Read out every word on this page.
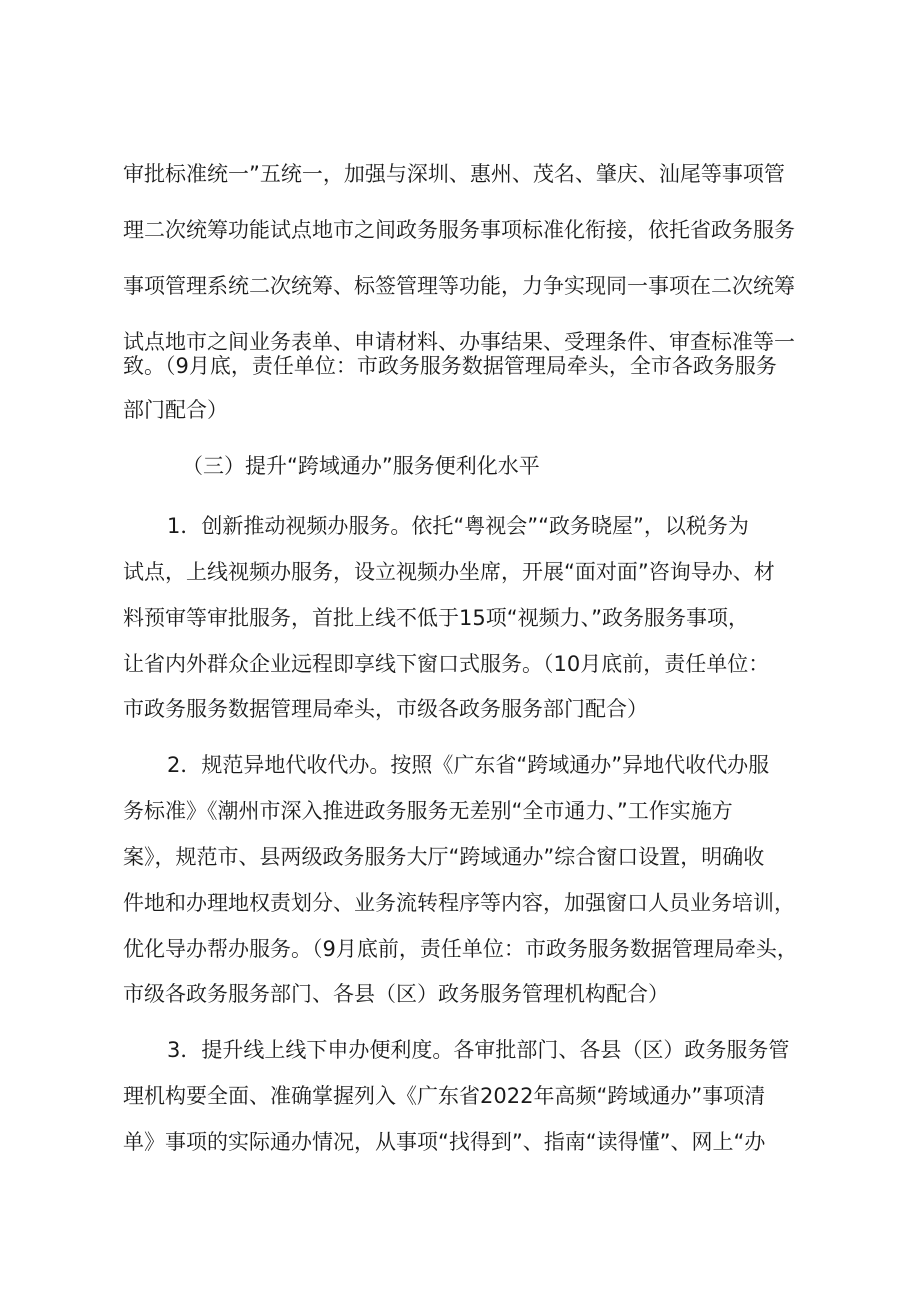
审批标准统一”五统一，加强与深圳、惠州、茂名、肇庆、汕尾等事项管
理二次统筹功能试点地市之间政务服务事项标准化衔接，依托省政务服务
事项管理系统二次统筹、标签管理等功能，力争实现同一事项在二次统筹
试点地市之间业务表单、申请材料、办事结果、受理条件、审查标准等一
致。（9月底，责任单位：市政务服务数据管理局牵头，全市各政务服务
部门配合）
（三）提升“跨域通办”服务便利化水平
1．创新推动视频办服务。依托“粤视会”“政务晓屋”，以税务为
试点，上线视频办服务，设立视频办坐席，开展“面对面”咨询导办、材
料预审等审批服务，首批上线不低于15项“视频力、”政务服务事项，
让省内外群众企业远程即享线下窗口式服务。（10月底前，责任单位：
市政务服务数据管理局牵头，市级各政务服务部门配合）
2．规范异地代收代办。按照《广东省“跨域通办”异地代收代办服
务标准》《潮州市深入推进政务服务无差别“全市通力、”工作实施方
案》，规范市、县两级政务服务大厅“跨域通办”综合窗口设置，明确收
件地和办理地权责划分、业务流转程序等内容，加强窗口人员业务培训，
优化导办帮办服务。（9月底前，责任单位：市政务服务数据管理局牵头，
市级各政务服务部门、各县（区）政务服务管理机构配合）
3．提升线上线下申办便利度。各审批部门、各县（区）政务服务管
理机构要全面、准确掌握列入《广东省2022年高频“跨域通办”事项清
单》事项的实际通办情况，从事项“找得到”、指南“读得懂”、网上“办
